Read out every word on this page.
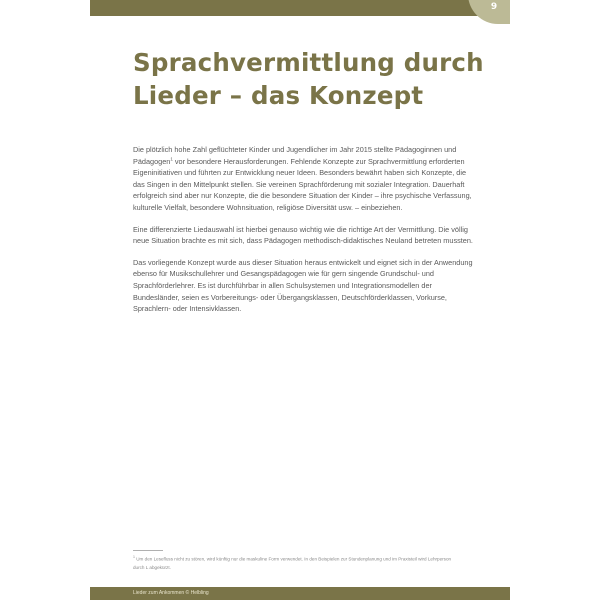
9
Sprachvermittlung durch
Lieder – das Konzept

Die plötzlich hohe Zahl geflüchteter Kinder und Jugendlicher im Jahr 2015 stellte Pädagoginnen und Pädagogen$^1$ vor besondere Herausforderungen. Fehlende Konzepte zur Sprachvermittlung erforderten Eigeninitiativen und führten zur Entwicklung neuer Ideen. Besonders bewährt haben sich Konzepte, die das Singen in den Mittelpunkt stellen. Sie vereinen Sprachförderung mit sozialer Integration. Dauerhaft erfolgreich sind aber nur Konzepte, die die besondere Situation der Kinder – ihre psychische Verfassung, kulturelle Vielfalt, besondere Wohnsituation, religiöse Diversität usw. – einbeziehen.

Eine differenzierte Liedauswahl ist hierbei genauso wichtig wie die richtige Art der Vermittlung. Die völlig neue Situation brachte es mit sich, dass Pädagogen methodisch-didaktisches Neuland betreten mussten.

Das vorliegende Konzept wurde aus dieser Situation heraus entwickelt und eignet sich in der Anwendung ebenso für Musikschullehrer und Gesangspädagogen wie für gern singende Grundschul- und Sprachförderlehrer. Es ist durchführbar in allen Schulsystemen und Integrationsmodellen der Bundesländer, seien es Vorbereitungs- oder Übergangsklassen, Deutschförderklassen, Vorkurse, Sprachlern- oder Intensivklassen.

$^1$ Um den Lesefluss nicht zu stören, wird künftig nur die maskuline Form verwendet. In den Beispielen zur Stundenplanung und im Praxisteil wird Lehrperson durch L abgekürzt.
Lieder zum Ankommen © Helbling
